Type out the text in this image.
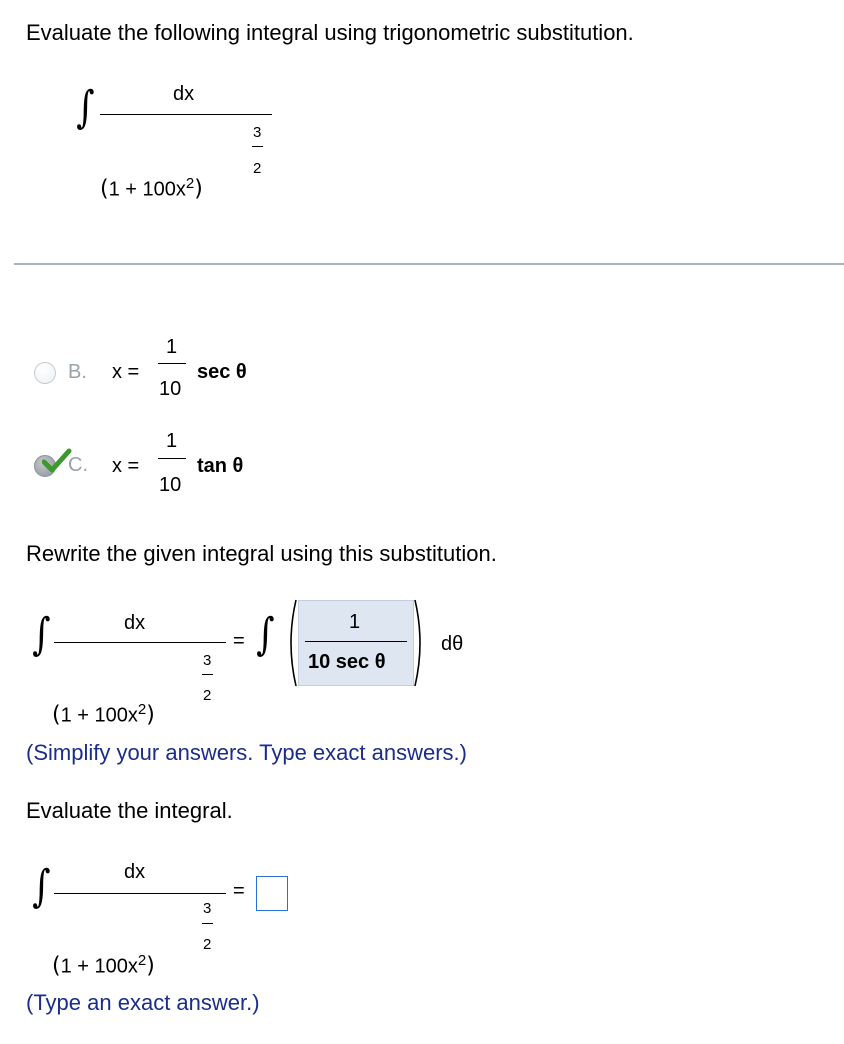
Evaluate the following integral using trigonometric substitution.
∫	dx
3
2
$(1 + 100x^2)$
B. x =
1
10
sec θ
C. x =
1
10
tan θ
Rewrite the given integral using this substitution.
∫	dx
3
2
$(1 + 100x^2)$
= ∫	1
10 sec θ
dθ
(Simplify your answers. Type exact answers.)
Evaluate the integral.
∫	dx
3
2
$(1 + 100x^2)$
=
(Type an exact answer.)
